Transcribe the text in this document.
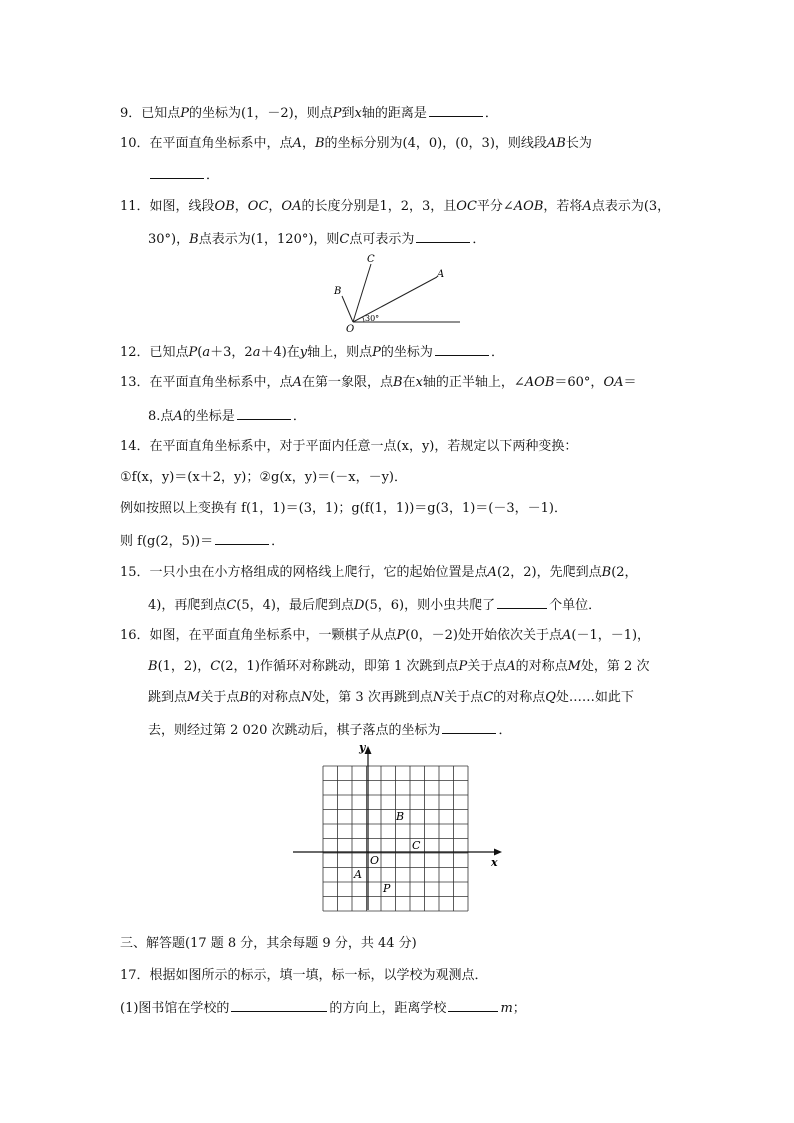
9．已知点P的坐标为(1，－2)，则点P到x轴的距离是	．
10．在平面直角坐标系中，点A，B的坐标分别为(4，0)，(0，3)，则线段AB长为
．
11．如图，线段OB，OC，OA的长度分别是1，2，3，且OC平分∠AOB，若将A点表示为(3，
30°)，B点表示为(1，120°)，则C点可表示为	．
C
B
A
O
30°
12．已知点P(a＋3，2a＋4)在y轴上，则点P的坐标为	．
13．在平面直角坐标系中，点A在第一象限，点B在x轴的正半轴上，∠AOB＝60°，OA＝
8.点A的坐标是	．
14．在平面直角坐标系中，对于平面内任意一点(x，y)，若规定以下两种变换：
①f(x，y)＝(x＋2，y)；②g(x，y)＝(－x，－y)．
例如按照以上变换有 f(1，1)＝(3，1)；g(f(1，1))＝g(3，1)＝(－3，－1)．
则 f(g(2，5))＝	．
15．一只小虫在小方格组成的网格线上爬行，它的起始位置是点A(2，2)，先爬到点B(2，
4)，再爬到点C(5，4)，最后爬到点D(5，6)，则小虫共爬了	个单位．
16．如图，在平面直角坐标系中，一颗棋子从点P(0，－2)处开始依次关于点A(－1，－1)，
B(1，2)，C(2，1)作循环对称跳动，即第 1 次跳到点P关于点A的对称点M处，第 2 次
跳到点M关于点B的对称点N处，第 3 次再跳到点N关于点C的对称点Q处……如此下
去，则经过第 2 020 次跳动后，棋子落点的坐标为	．
y
x
O
A
B
C
P
三、解答题(17 题 8 分，其余每题 9 分，共 44 分)
17．根据如图所示的标示，填一填，标一标，以学校为观测点．
(1)图书馆在学校的	的方向上，距离学校	m；
